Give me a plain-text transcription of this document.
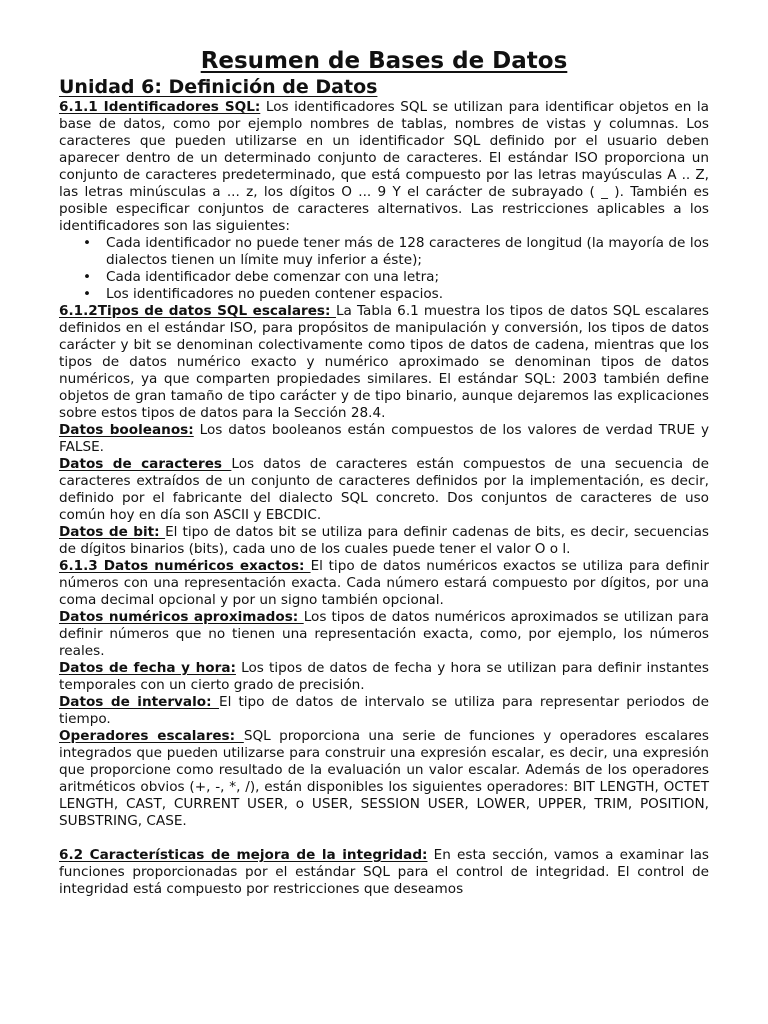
Resumen de Bases de Datos
Unidad 6: Definición de Datos

6.1.1 Identificadores SQL: Los identificadores SQL se utilizan para identificar objetos en la base de datos, como por ejemplo nombres de tablas, nombres de vistas y columnas. Los caracteres que pueden utilizarse en un identificador SQL definido por el usuario deben aparecer dentro de un determinado conjunto de caracteres. El estándar ISO proporciona un conjunto de caracteres predeterminado, que está compuesto por las letras mayúsculas A .. Z, las letras minúsculas a ... z, los dígitos O ... 9 Y el carácter de subrayado ( _ ). También es posible especificar conjuntos de caracteres alternativos. Las restricciones aplicables a los identificadores son las siguientes:

• Cada identificador no puede tener más de 128 caracteres de longitud (la mayoría de los dialectos tienen un límite muy inferior a éste);
• Cada identificador debe comenzar con una letra;
• Los identificadores no pueden contener espacios.

6.1.2Tipos de datos SQL escalares: La Tabla 6.1 muestra los tipos de datos SQL escalares definidos en el estándar ISO, para propósitos de manipulación y conversión, los tipos de datos carácter y bit se denominan colectivamente como tipos de datos de cadena, mientras que los tipos de datos numérico exacto y numérico aproximado se denominan tipos de datos numéricos, ya que comparten propiedades similares. El estándar SQL: 2003 también define objetos de gran tamaño de tipo carácter y de tipo binario, aunque dejaremos las explicaciones sobre estos tipos de datos para la Sección 28.4.

Datos booleanos: Los datos booleanos están compuestos de los valores de verdad TRUE y FALSE.

Datos de caracteres Los datos de caracteres están compuestos de una secuencia de caracteres extraídos de un conjunto de caracteres definidos por la implementación, es decir, definido por el fabricante del dialecto SQL concreto. Dos conjuntos de caracteres de uso común hoy en día son ASCII y EBCDIC.

Datos de bit: El tipo de datos bit se utiliza para definir cadenas de bits, es decir, secuencias de dígitos binarios (bits), cada uno de los cuales puede tener el valor O o l.

6.1.3 Datos numéricos exactos: El tipo de datos numéricos exactos se utiliza para definir números con una representación exacta. Cada número estará compuesto por dígitos, por una coma decimal opcional y por un signo también opcional.

Datos numéricos aproximados: Los tipos de datos numéricos aproximados se utilizan para definir números que no tienen una representación exacta, como, por ejemplo, los números reales.

Datos de fecha y hora: Los tipos de datos de fecha y hora se utilizan para definir instantes temporales con un cierto grado de precisión.

Datos de intervalo: El tipo de datos de intervalo se utiliza para representar periodos de tiempo.

Operadores escalares: SQL proporciona una serie de funciones y operadores escalares integrados que pueden utilizarse para construir una expresión escalar, es decir, una expresión que proporcione como resultado de la evaluación un valor escalar. Además de los operadores aritméticos obvios (+, -, *, /), están disponibles los siguientes operadores: BIT LENGTH, OCTET LENGTH, CAST, CURRENT USER, o USER, SESSION USER, LOWER, UPPER, TRIM, POSITION, SUBSTRING, CASE.

6.2 Características de mejora de la integridad: En esta sección, vamos a examinar las funciones proporcionadas por el estándar SQL para el control de integridad. El control de integridad está compuesto por restricciones que deseamos
